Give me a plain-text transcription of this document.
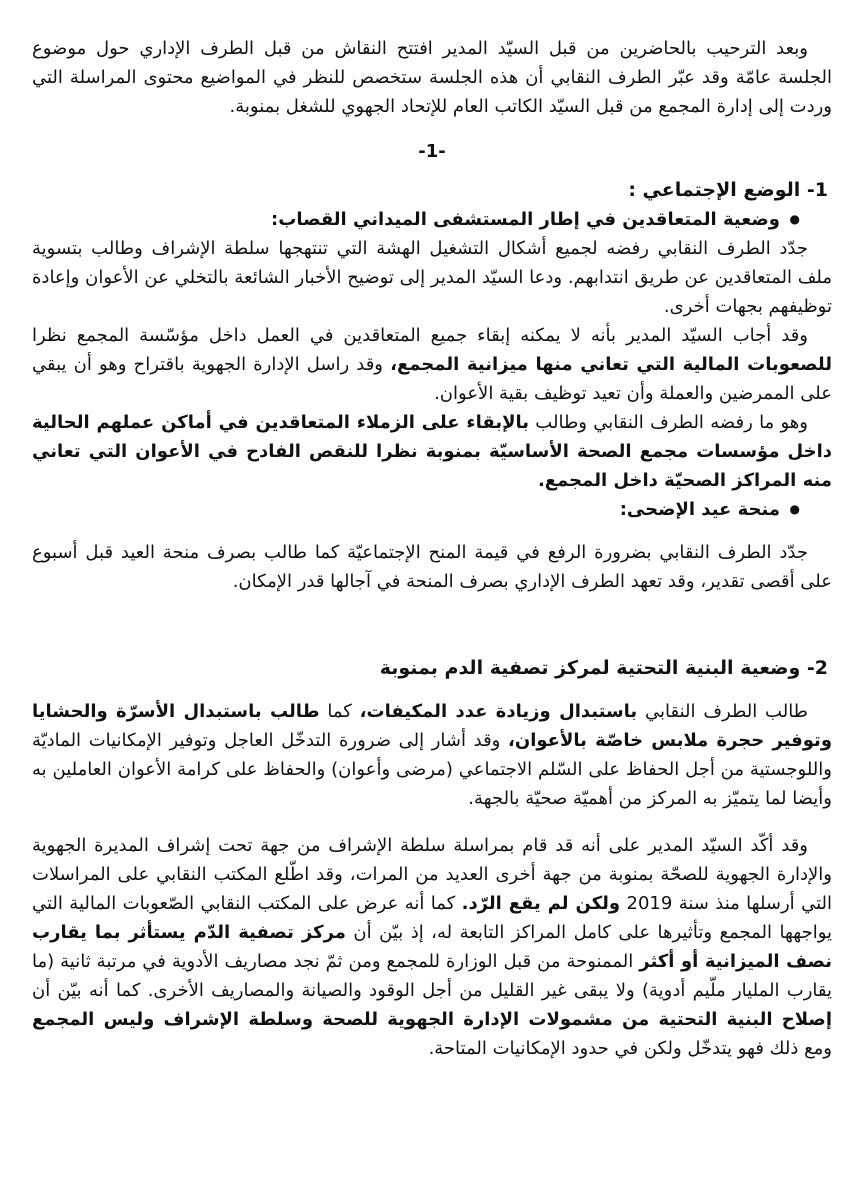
وبعد الترحيب بالحاضرين من قبل السيّد المدير افتتح النقاش من قبل الطرف الإداري حول موضوع الجلسة عامّة وقد عبّر الطرف النقابي أن هذه الجلسة ستخصص للنظر في المواضيع محتوى المراسلة التي وردت إلى إدارة المجمع من قبل السيّد الكاتب العام للإتحاد الجهوي للشغل بمنوبة.

-1-

1- الوضع الإجتماعي :

● وضعية المتعاقدين في إطار المستشفى الميداني القصاب:

جدّد الطرف النقابي رفضه لجميع أشكال التشغيل الهشة التي تنتهجها سلطة الإشراف وطالب بتسوية ملف المتعاقدين عن طريق انتدابهم. ودعا السيّد المدير إلى توضيح الأخبار الشائعة بالتخلي عن الأعوان وإعادة توظيفهم بجهات أخرى.

وقد أجاب السيّد المدير بأنه لا يمكنه إبقاء جميع المتعاقدين في العمل داخل مؤسّسة المجمع نظرا للصعوبات المالية التي تعاني منها ميزانية المجمع، وقد راسل الإدارة الجهوية باقتراح وهو أن يبقي على الممرضين والعملة وأن تعيد توظيف بقية الأعوان.

وهو ما رفضه الطرف النقابي وطالب بالإبقاء على الزملاء المتعاقدين في أماكن عملهم الحالية داخل مؤسسات مجمع الصحة الأساسيّة بمنوبة نظرا للنقص الفادح في الأعوان التي تعاني منه المراكز الصحيّة داخل المجمع.

● منحة عيد الإضحى:

جدّد الطرف النقابي بضرورة الرفع في قيمة المنح الإجتماعيّة كما طالب بصرف منحة العيد قبل أسبوع على أقصى تقدير، وقد تعهد الطرف الإداري بصرف المنحة في آجالها قدر الإمكان.

2- وضعية البنية التحتية لمركز تصفية الدم بمنوبة

طالب الطرف النقابي باستبدال وزيادة عدد المكيفات، كما طالب باستبدال الأسرّة والحشايا وتوفير حجرة ملابس خاصّة بالأعوان، وقد أشار إلى ضرورة التدخّل العاجل وتوفير الإمكانيات الماديّة واللوجستية من أجل الحفاظ على السّلم الاجتماعي (مرضى وأعوان) والحفاظ على كرامة الأعوان العاملين به وأيضا لما يتميّز به المركز من أهميّة صحيّة بالجهة.

وقد أكّد السيّد المدير على أنه قد قام بمراسلة سلطة الإشراف من جهة تحت إشراف المديرة الجهوية والإدارة الجهوية للصحّة بمنوبة من جهة أخرى العديد من المرات، وقد اطّلع المكتب النقابي على المراسلات التي أرسلها منذ سنة 2019 ولكن لم يقع الرّد. كما أنه عرض على المكتب النقابي الصّعوبات المالية التي يواجهها المجمع وتأثيرها على كامل المراكز التابعة له، إذ بيّن أن مركز تصفية الدّم يستأثر بما يقارب نصف الميزانية أو أكثر الممنوحة من قبل الوزارة للمجمع ومن ثمّ نجد مصاريف الأدوية في مرتبة ثانية (ما يقارب المليار ملّيم أدوية) ولا يبقى غير القليل من أجل الوقود والصيانة والمصاريف الأخرى. كما أنه بيّن أن إصلاح البنية التحتية من مشمولات الإدارة الجهوية للصحة وسلطة الإشراف وليس المجمع ومع ذلك فهو يتدخّل ولكن في حدود الإمكانيات المتاحة.
